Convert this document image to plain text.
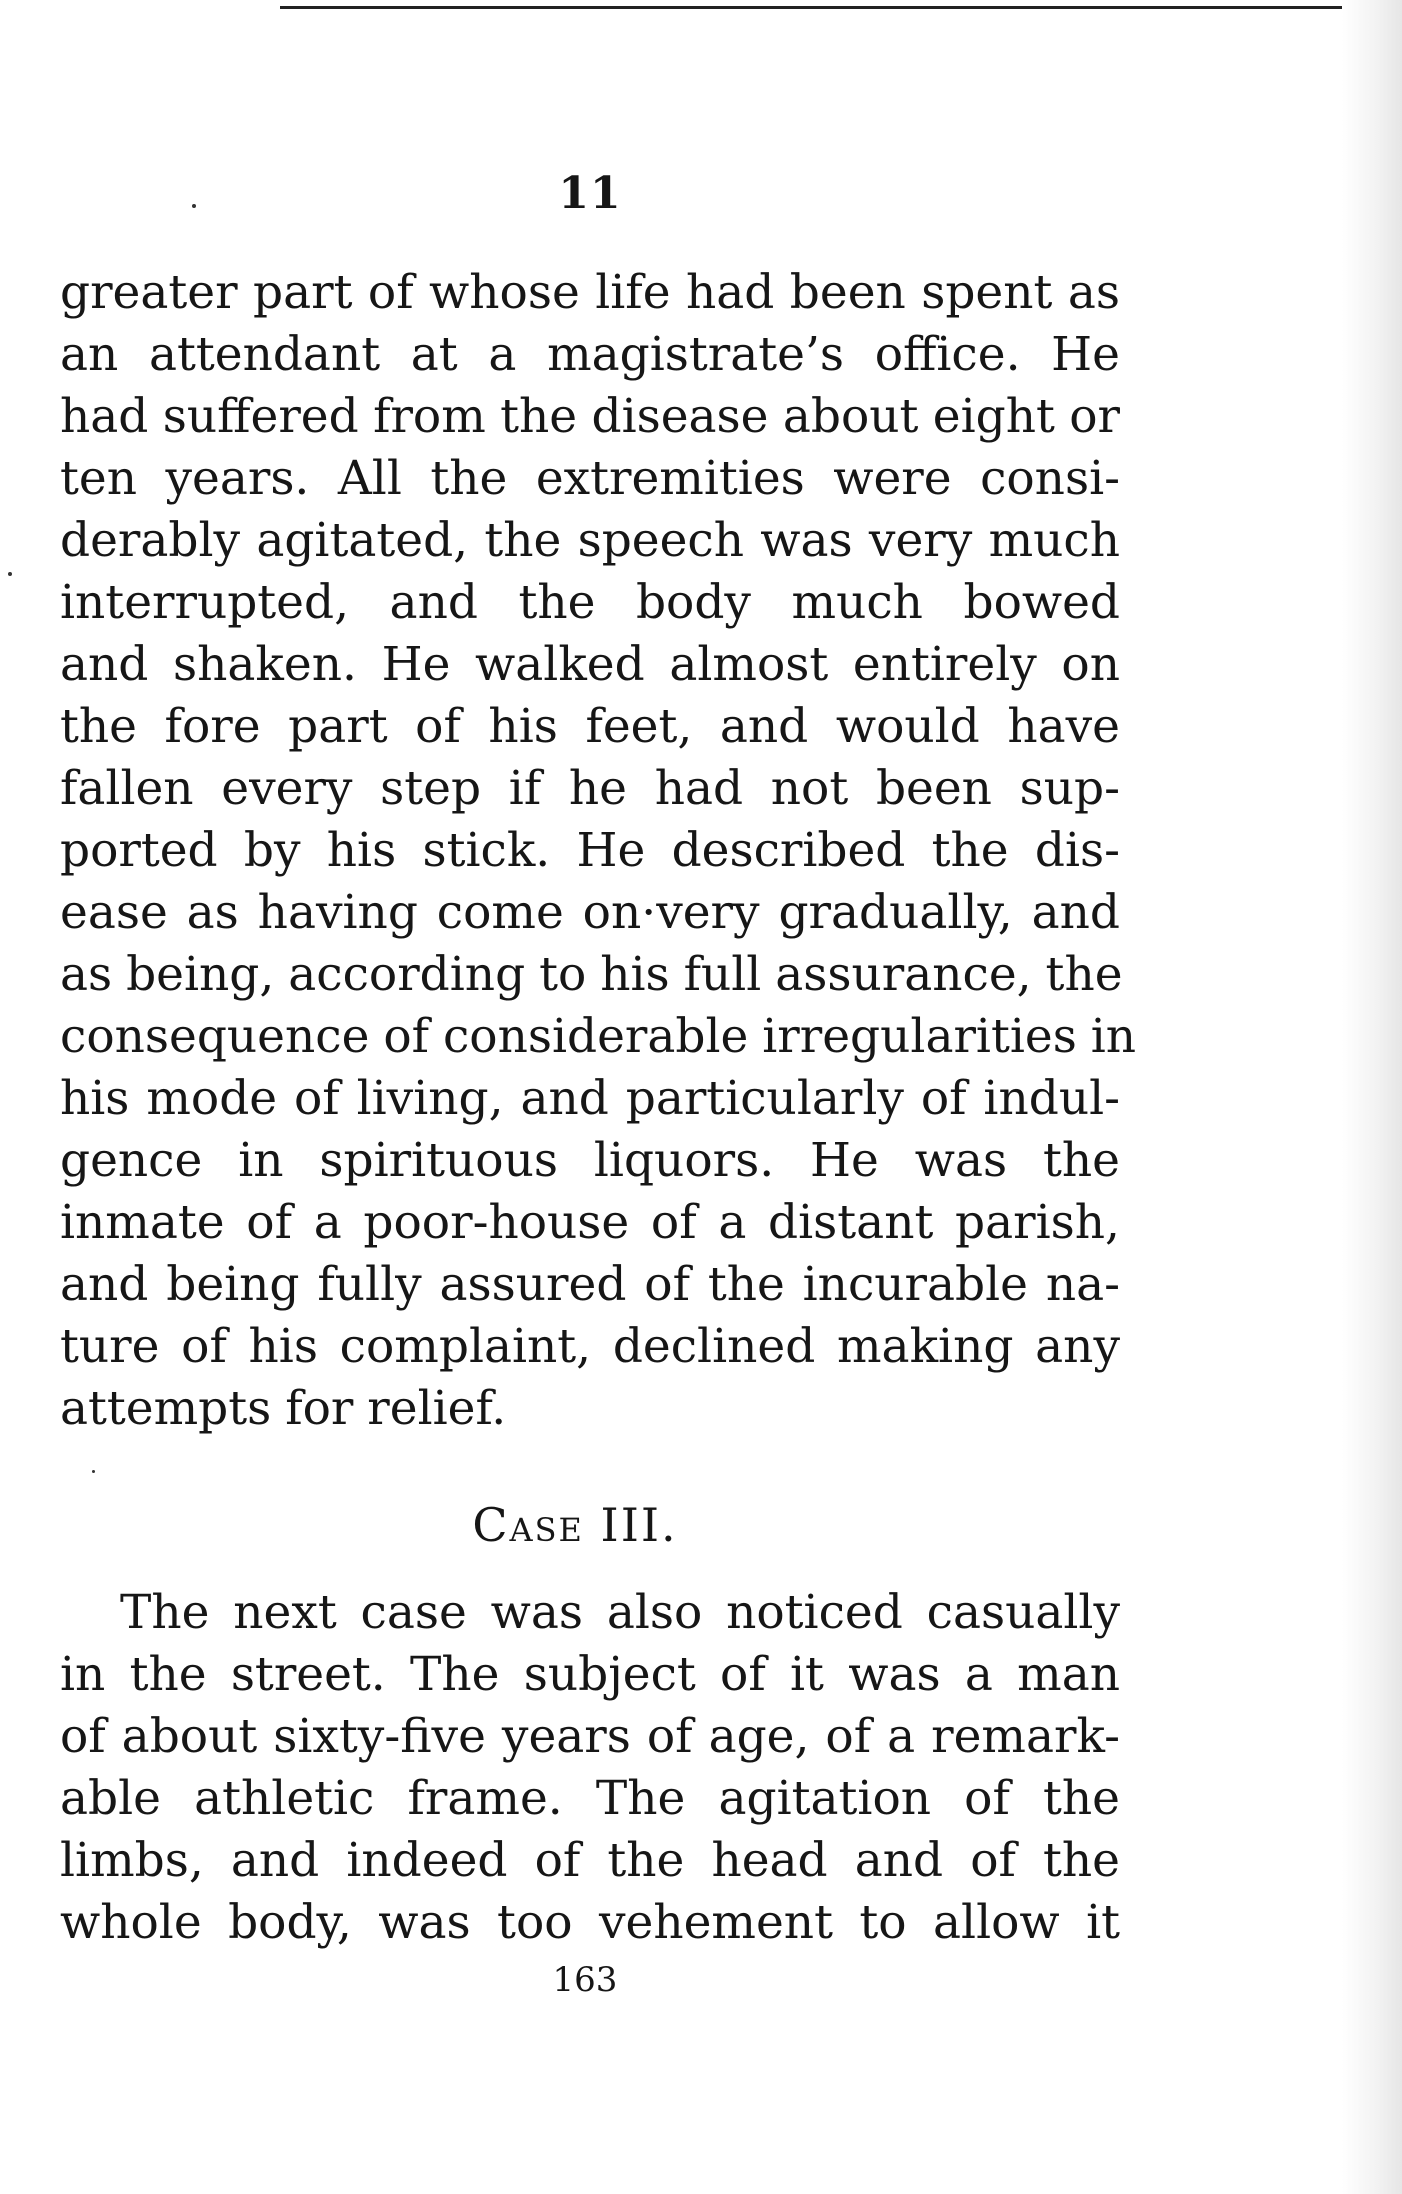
11
greater part of whose life had been spent as
an attendant at a magistrate’s office. He
had suffered from the disease about eight or
ten years. All the extremities were consi-
derably agitated, the speech was very much
interrupted, and the body much bowed
and shaken. He walked almost entirely on
the fore part of his feet, and would have
fallen every step if he had not been sup-
ported by his stick. He described the dis-
ease as having come on·very gradually, and
as being, according to his full assurance, the
consequence of considerable irregularities in
his mode of living, and particularly of indul-
gence in spirituous liquors. He was the
inmate of a poor-house of a distant parish,
and being fully assured of the incurable na-
ture of his complaint, declined making any
attempts for relief.
Case III.
The next case was also noticed casually
in the street. The subject of it was a man
of about sixty-five years of age, of a remark-
able athletic frame. The agitation of the
limbs, and indeed of the head and of the
whole body, was too vehement to allow it
163
